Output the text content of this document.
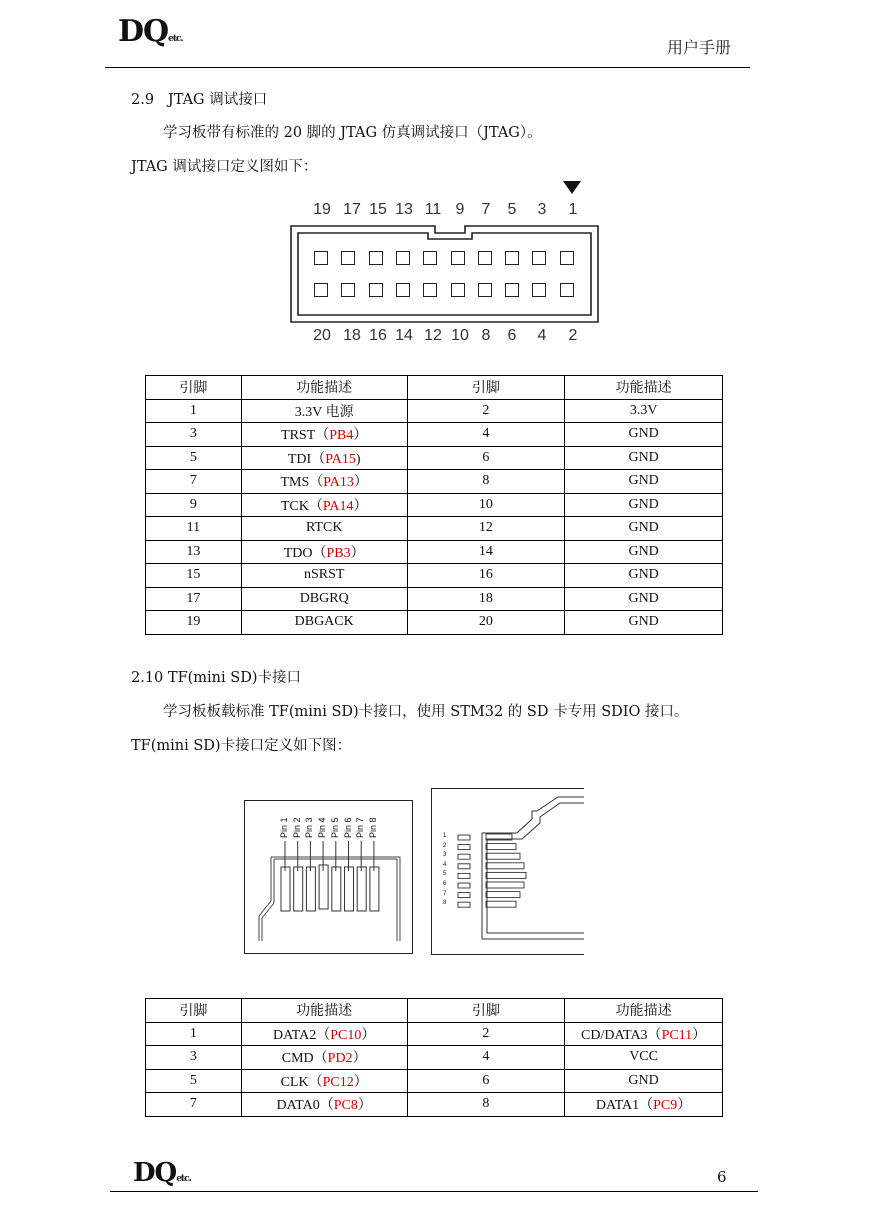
DQetc.	用户手册
2.9   JTAG 调试接口
学习板带有标准的 20 脚的 JTAG 仿真调试接口（JTAG）。
JTAG 调试接口定义图如下：
19 17 15 13 11 9	7	5	3	1
20 18 16 14 12 10 8	6	4	2
引脚	功能描述	引脚	功能描述
1	3.3V 电源	2	3.3V
3	TRST（PB4）	4	GND
5	TDI（PA15)	6	GND
7	TMS（PA13）	8	GND
9	TCK（PA14）	10	GND
11	RTCK	12	GND
13	TDO（PB3）	14	GND
15	nSRST	16	GND
17	DBGRQ	18	GND
19	DBGACK	20	GND
2.10 TF(mini SD)卡接口
学习板板载标准 TF(mini SD)卡接口，使用 STM32 的 SD 卡专用 SDIO 接口。
TF(mini SD)卡接口定义如下图：
Pin 1 Pin 2 Pin 3 Pin 4 Pin 5 Pin 6 Pin 7 Pin 8	1
2
3
4
5
6
7
8
引脚	功能描述	引脚	功能描述
1	DATA2（PC10）	2	CD/DATA3（PC11）
3	CMD（PD2）	4	VCC
5	CLK（PC12）	6	GND
7	DATA0（PC8）	8	DATA1（PC9）
DQetc.	6
